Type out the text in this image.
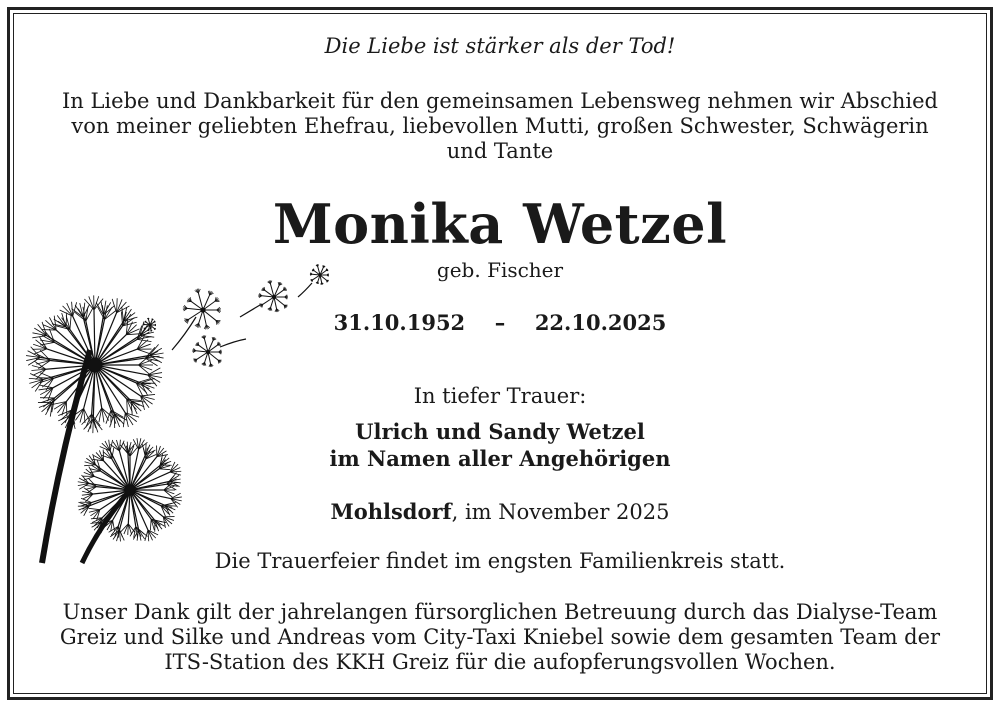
Die Liebe ist stärker als der Tod!
In Liebe und Dankbarkeit für den gemeinsamen Lebensweg nehmen wir Abschied
von meiner geliebten Ehefrau, liebevollen Mutti, großen Schwester, Schwägerin
und Tante
Monika Wetzel
geb. Fischer
31.10.1952 – 22.10.2025
In tiefer Trauer:
Ulrich und Sandy Wetzel
im Namen aller Angehörigen
Mohlsdorf, im November 2025
Die Trauerfeier findet im engsten Familienkreis statt.
Unser Dank gilt der jahrelangen fürsorglichen Betreuung durch das Dialyse-Team
Greiz und Silke und Andreas vom City-Taxi Kniebel sowie dem gesamten Team der
ITS-Station des KKH Greiz für die aufopferungsvollen Wochen.
